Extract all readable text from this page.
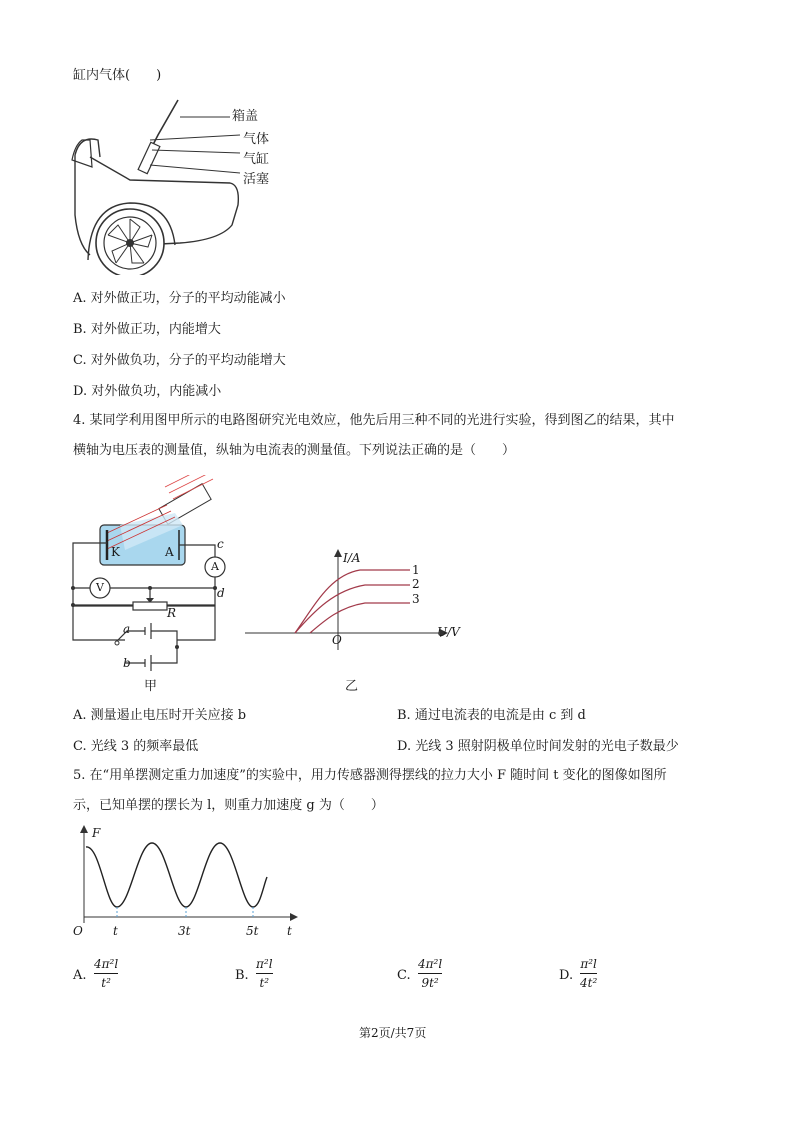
缸内气体(　　)
箱盖
气体
气缸
活塞
A. 对外做正功，分子的平均动能减小
B. 对外做正功，内能增大
C. 对外做负功，分子的平均动能增大
D. 对外做负功，内能减小
4. 某同学利用图甲所示的电路图研究光电效应，他先后用三种不同的光进行实验，得到图乙的结果，其中
横轴为电压表的测量值，纵轴为电流表的测量值。下列说法正确的是（　　）
K	A
A
V
c
d
R
a
b
甲
I/A
U/V
O
1
2
3
乙
A. 测量遏止电压时开关应接 b	B. 通过电流表的电流是由 c 到 d
C. 光线 3 的频率最低	D. 光线 3 照射阴极单位时间发射的光电子数最少
5. 在“用单摆测定重力加速度”的实验中，用力传感器测得摆线的拉力大小 F 随时间 t 变化的图像如图所
示，已知单摆的摆长为 l，则重力加速度 g 为（　　）
F
t
O	t	3t	5t
A.
4π²l
t²	B.
π²l
t²	C.
4π²l
9t²	D.
π²l
4t²
第2页/共7页
